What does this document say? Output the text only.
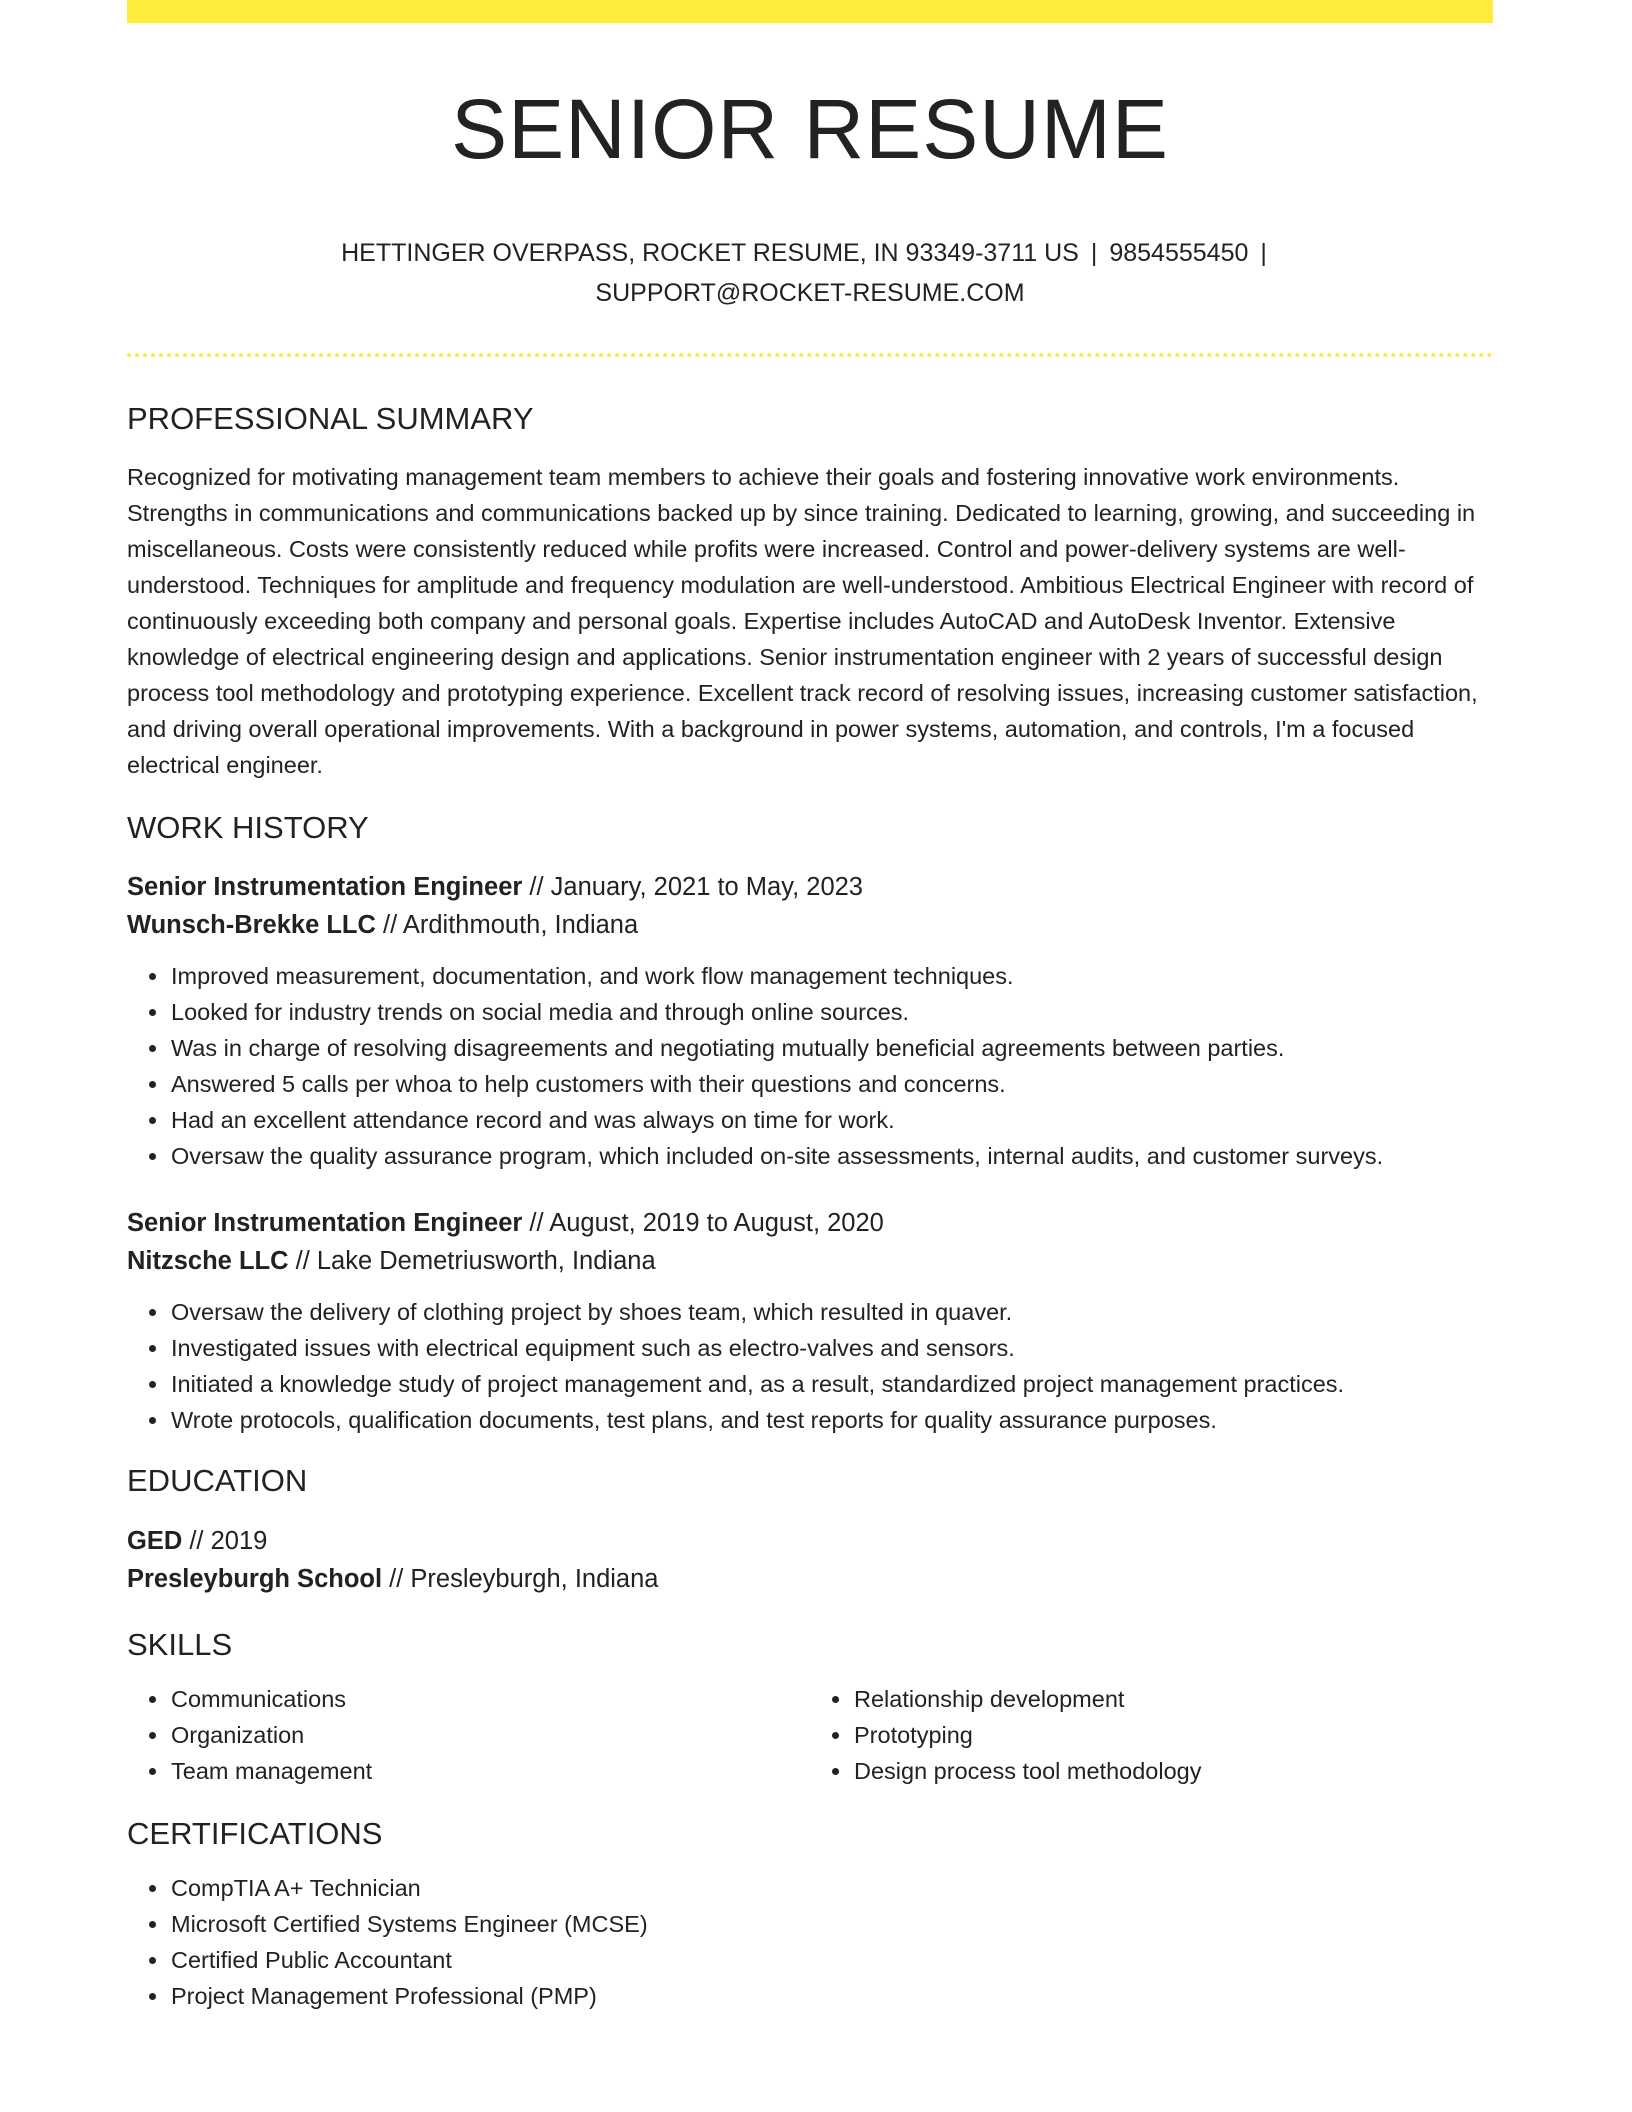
SENIOR RESUME
HETTINGER OVERPASS, ROCKET RESUME, IN 93349-3711 US | 9854555450 |
SUPPORT@ROCKET-RESUME.COM
PROFESSIONAL SUMMARY

Recognized for motivating management team members to achieve their goals and fostering innovative work environments. Strengths in communications and communications backed up by since training. Dedicated to learning, growing, and succeeding in miscellaneous. Costs were consistently reduced while profits were increased. Control and power-delivery systems are well-understood. Techniques for amplitude and frequency modulation are well-understood. Ambitious Electrical Engineer with record of continuously exceeding both company and personal goals. Expertise includes AutoCAD and AutoDesk Inventor. Extensive knowledge of electrical engineering design and applications. Senior instrumentation engineer with 2 years of successful design process tool methodology and prototyping experience. Excellent track record of resolving issues, increasing customer satisfaction, and driving overall operational improvements. With a background in power systems, automation, and controls, I'm a focused electrical engineer.

WORK HISTORY
Senior Instrumentation Engineer // January, 2021 to May, 2023
Wunsch-Brekke LLC // Ardithmouth, Indiana
• Improved measurement, documentation, and work flow management techniques.
• Looked for industry trends on social media and through online sources.
• Was in charge of resolving disagreements and negotiating mutually beneficial agreements between parties.
• Answered 5 calls per whoa to help customers with their questions and concerns.
• Had an excellent attendance record and was always on time for work.
• Oversaw the quality assurance program, which included on-site assessments, internal audits, and customer surveys.
Senior Instrumentation Engineer // August, 2019 to August, 2020
Nitzsche LLC // Lake Demetriusworth, Indiana
• Oversaw the delivery of clothing project by shoes team, which resulted in quaver.
• Investigated issues with electrical equipment such as electro-valves and sensors.
• Initiated a knowledge study of project management and, as a result, standardized project management practices.
• Wrote protocols, qualification documents, test plans, and test reports for quality assurance purposes.
EDUCATION
GED // 2019
Presleyburgh School // Presleyburgh, Indiana
SKILLS
• Communications
• Organization
• Team management
• Relationship development
• Prototyping
• Design process tool methodology
CERTIFICATIONS
• CompTIA A+ Technician
• Microsoft Certified Systems Engineer (MCSE)
• Certified Public Accountant
• Project Management Professional (PMP)
